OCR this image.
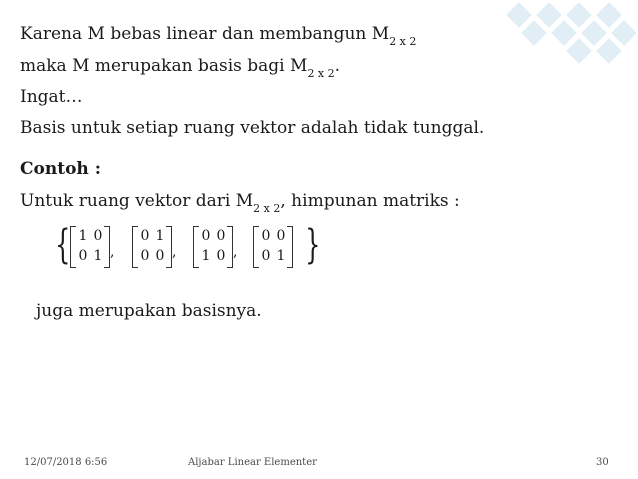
Karena M bebas linear dan membangun $M_{2 x 2}$
maka M merupakan basis bagi $M_{2 x 2}$.
Ingat…
Basis untuk setiap ruang vektor adalah tidak tunggal.
Contoh :
Untuk ruang vektor dari $M_{2 x 2}$, himpunan matriks :
{ 1 0
0 1 ,
0 1
0 0 ,
0 0
1 0 ,
0 0
0 1 }
juga merupakan basisnya.
12/07/2018 6:56	Aljabar Linear Elementer	30
